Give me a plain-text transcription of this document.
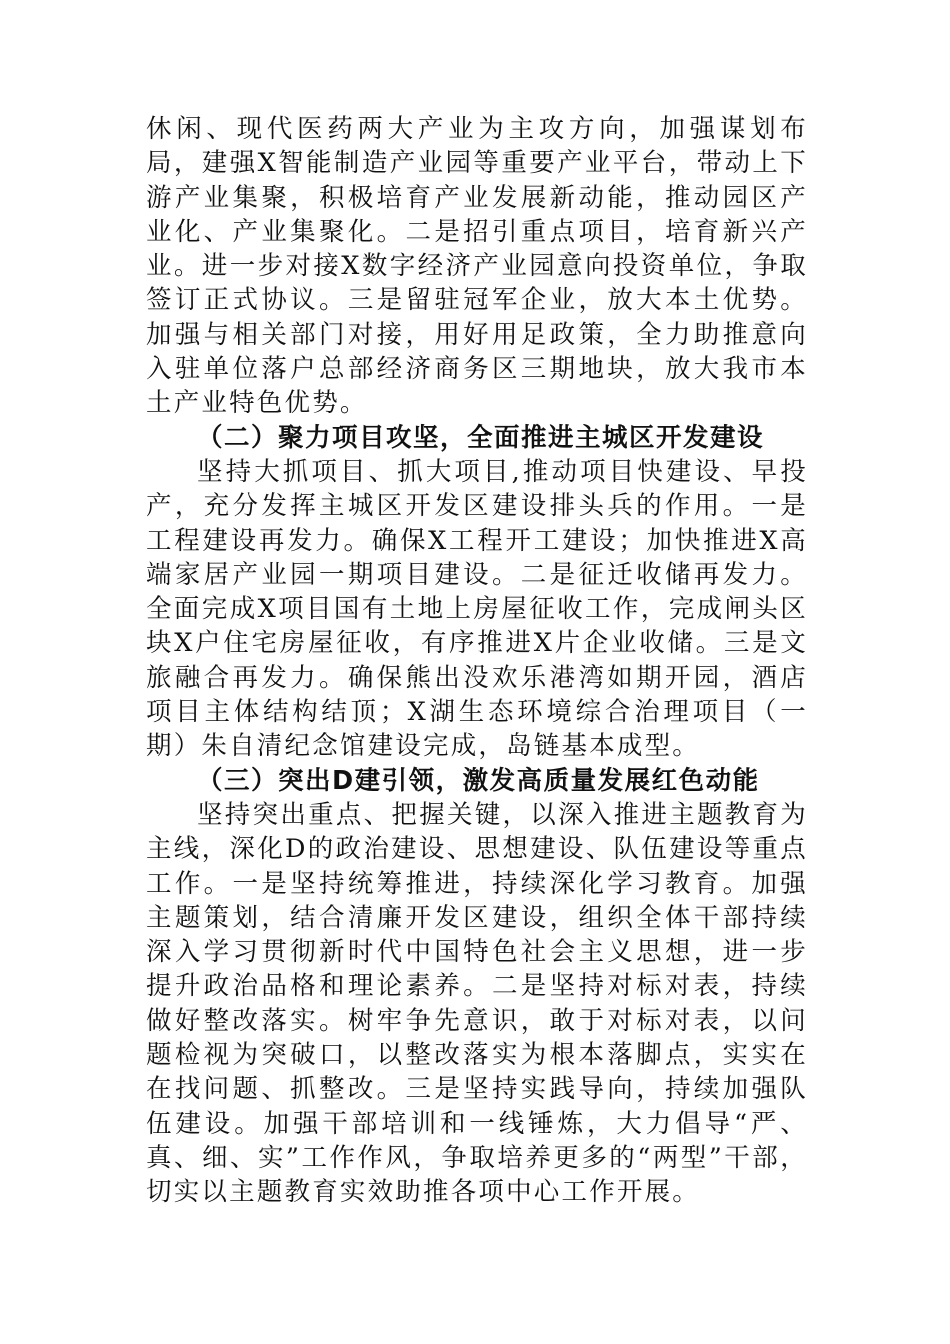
休闲、现代医药两大产业为主攻方向，加强谋划布局，建强X智能制造产业园等重要产业平台，带动上下游产业集聚，积极培育产业发展新动能，推动园区产业化、产业集聚化。二是招引重点项目，培育新兴产业。进一步对接X数字经济产业园意向投资单位，争取签订正式协议。三是留驻冠军企业，放大本土优势。加强与相关部门对接，用好用足政策，全力助推意向入驻单位落户总部经济商务区三期地块，放大我市本土产业特色优势。

（二）聚力项目攻坚，全面推进主城区开发建设

坚持大抓项目、抓大项目,推动项目快建设、早投产，充分发挥主城区开发区建设排头兵的作用。一是工程建设再发力。确保X工程开工建设；加快推进X高端家居产业园一期项目建设。二是征迁收储再发力。全面完成X项目国有土地上房屋征收工作，完成闸头区块X户住宅房屋征收，有序推进X片企业收储。三是文旅融合再发力。确保熊出没欢乐港湾如期开园，酒店项目主体结构结顶；X湖生态环境综合治理项目（一期）朱自清纪念馆建设完成，岛链基本成型。

（三）突出D建引领，激发高质量发展红色动能

坚持突出重点、把握关键，以深入推进主题教育为主线，深化D的政治建设、思想建设、队伍建设等重点工作。一是坚持统筹推进，持续深化学习教育。加强主题策划，结合清廉开发区建设，组织全体干部持续深入学习贯彻新时代中国特色社会主义思想，进一步提升政治品格和理论素养。二是坚持对标对表，持续做好整改落实。树牢争先意识，敢于对标对表，以问题检视为突破口，以整改落实为根本落脚点，实实在在找问题、抓整改。三是坚持实践导向，持续加强队伍建设。加强干部培训和一线锤炼，大力倡导“严、真、细、实”工作作风，争取培养更多的“两型”干部，切实以主题教育实效助推各项中心工作开展。
